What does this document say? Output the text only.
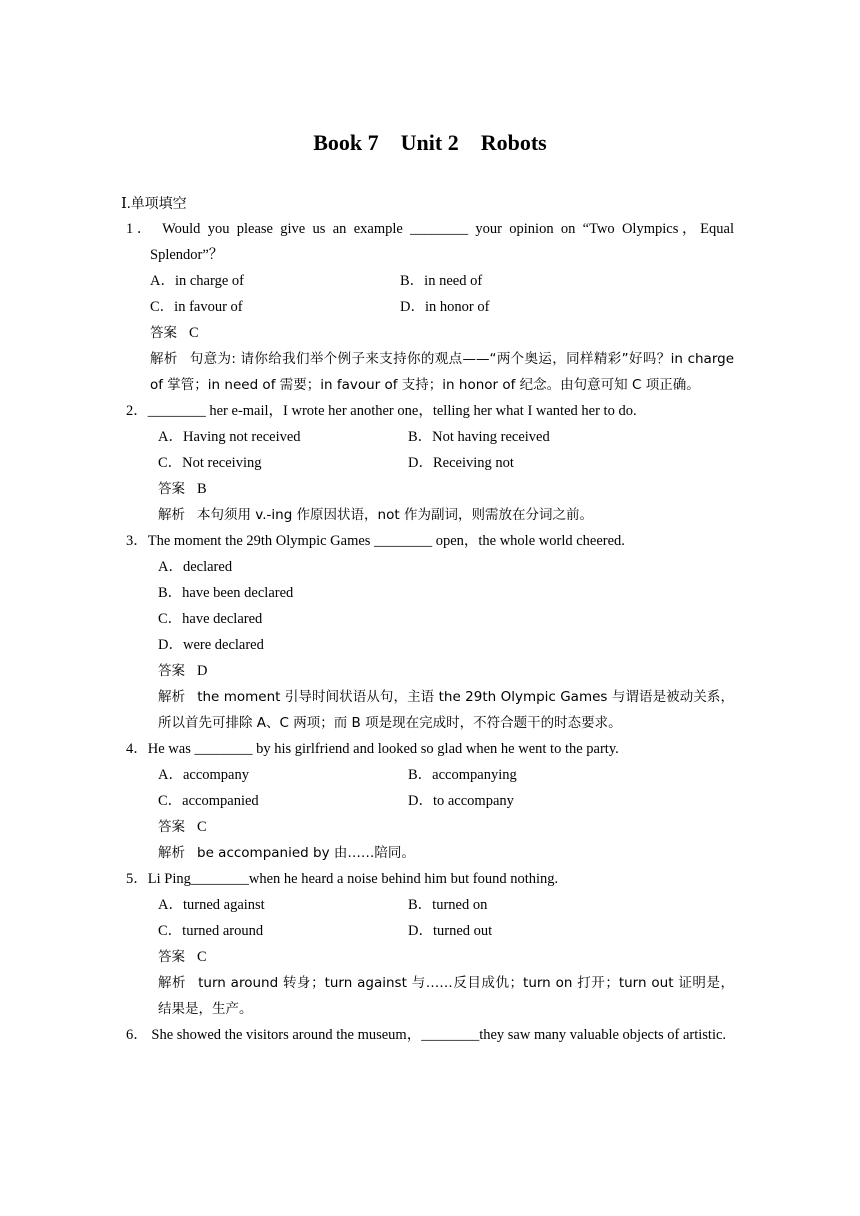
Book 7    Unit 2    Robots
Ⅰ.单项填空
1． Would you please give us an example ________ your opinion on “Two Olympics，Equal Splendor”？
A．in charge of	B．in need of
C．in favour of	D．in honor of
答案 C
解析 句意为: 请你给我们举个例子来支持你的观点——“两个奥运，同样精彩”好吗？in charge of 掌管；in need of 需要；in favour of 支持；in honor of 纪念。由句意可知 C 项正确。
2．________ her e-mail，I wrote her another one，telling her what I wanted her to do.
A．Having not received	B．Not having received
C．Not receiving	D．Receiving not
答案 B
解析 本句须用 v.-ing 作原因状语，not 作为副词，则需放在分词之前。
3．The moment the 29th Olympic Games ________ open，the whole world cheered.
A．declared
B．have been declared
C．have declared
D．were declared
答案 D
解析 the moment 引导时间状语从句，主语 the 29th Olympic Games 与谓语是被动关系，所以首先可排除 A、C 两项；而 B 项是现在完成时，不符合题干的时态要求。
4．He was ________ by his girlfriend and looked so glad when he went to the party.
A．accompany	B．accompanying
C．accompanied	D．to accompany
答案 C
解析 be accompanied by 由……陪同。
5．Li Ping________when he heard a noise behind him but found nothing.
A．turned against	B．turned on
C．turned around	D．turned out
答案 C
解析 turn around 转身；turn against 与……反目成仇；turn on 打开；turn out 证明是，结果是，生产。
6． She showed the visitors around the museum，________they saw many valuable objects of artistic.
